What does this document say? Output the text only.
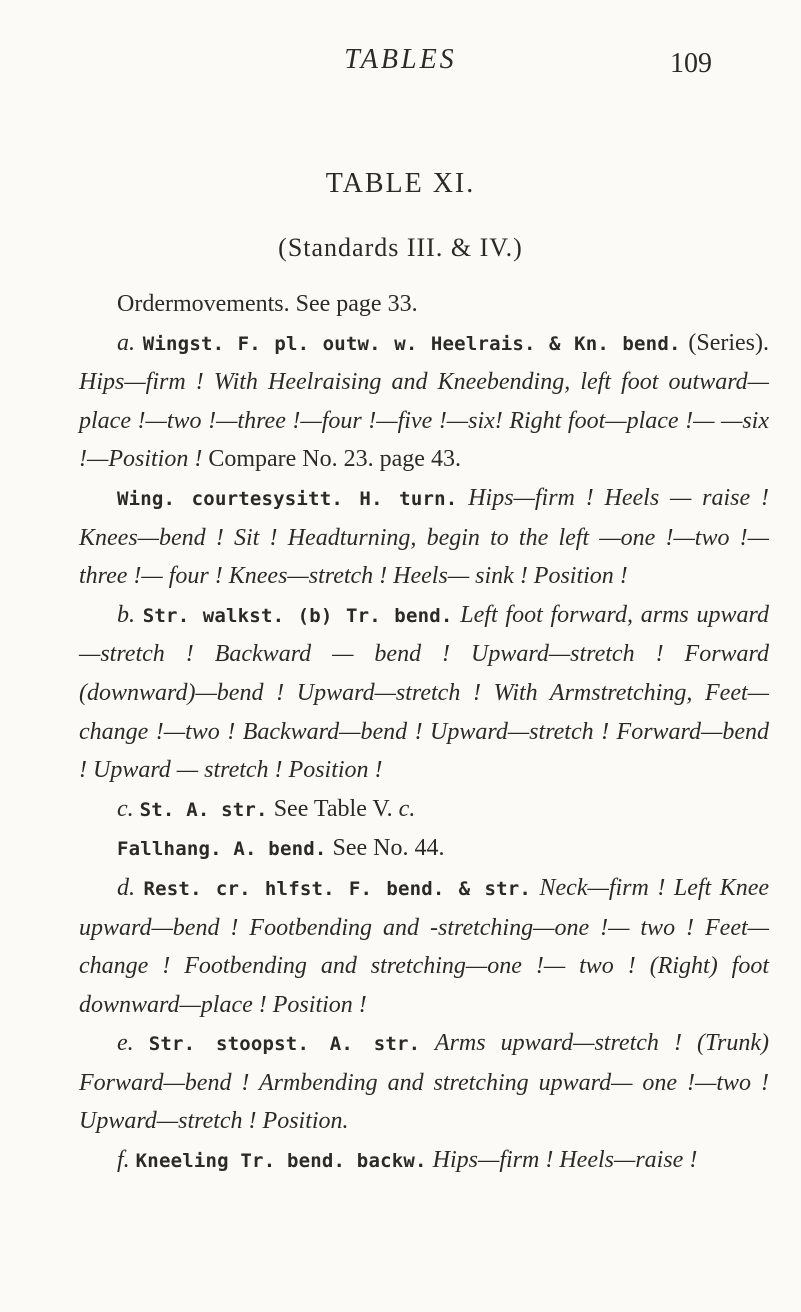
TABLES	109
TABLE XI.
(Standards III. & IV.)

Ordermovements. See page 33.

a. Wingst. F. pl. outw. w. Heelrais. & Kn. bend. (Series). Hips—firm ! With Heelraising and Kneebending, left foot outward—place !—two !—three !—four !—five !—six! Right foot—place !— —six !—Position ! Compare No. 23. page 43.

Wing. courtesysitt. H. turn. Hips—firm ! Heels — raise ! Knees—bend ! Sit ! Headturning, begin to the left —one !—two !—three !— four ! Knees—stretch ! Heels— sink ! Position !

b. Str. walkst. (b) Tr. bend. Left foot forward, arms upward—stretch ! Backward — bend ! Upward—stretch ! Forward (downward)—bend ! Upward—stretch ! With Armstretching, Feet—change !—two ! Backward—bend ! Upward—stretch ! Forward—bend ! Upward — stretch ! Position !

c. St. A. str. See Table V. c.

Fallhang. A. bend. See No. 44.

d. Rest. cr. hlfst. F. bend. & str. Neck—firm ! Left Knee upward—bend ! Footbending and -stretching—one !— two ! Feet—change ! Footbending and stretching—one !— two ! (Right) foot downward—place ! Position !

e. Str. stoopst. A. str. Arms upward—stretch ! (Trunk) Forward—bend ! Armbending and stretching upward— one !—two ! Upward—stretch ! Position.

f. Kneeling Tr. bend. backw. Hips—firm ! Heels—raise !
